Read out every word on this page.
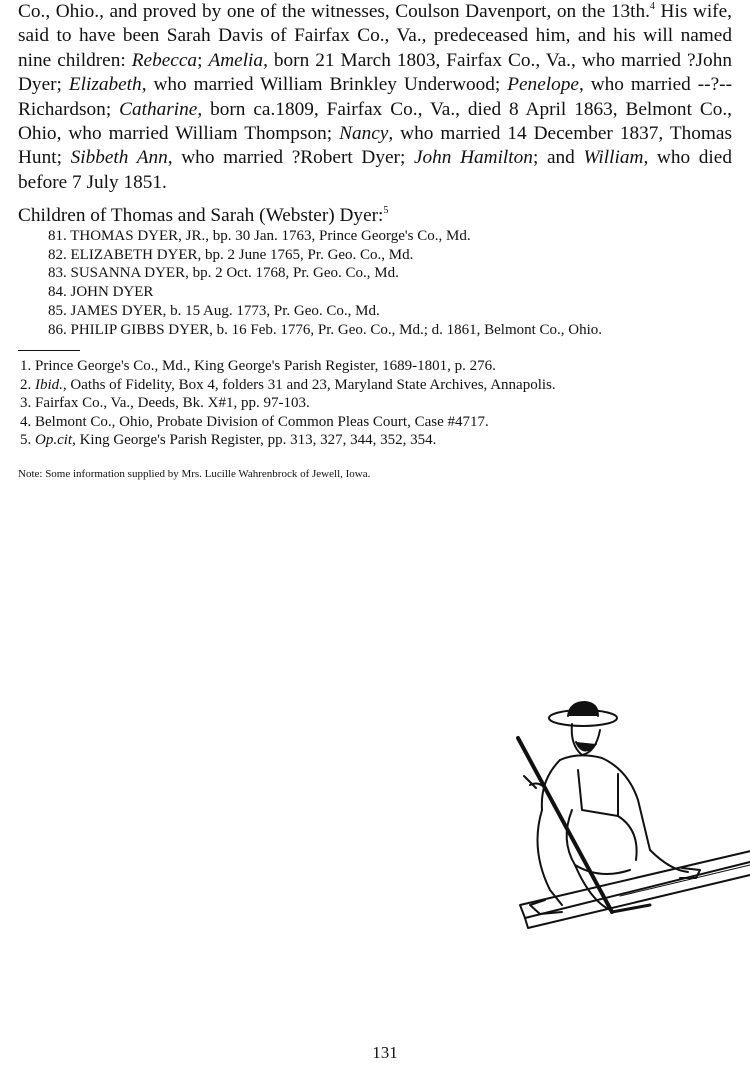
Co., Ohio., and proved by one of the witnesses, Coulson Davenport, on the 13th.$^4$ His wife,
said to have been Sarah Davis of Fairfax Co., Va., predeceased him, and his will named
nine children: Rebecca; Amelia, born 21 March 1803, Fairfax Co., Va., who married ?John
Dyer; Elizabeth, who married William Brinkley Underwood; Penelope, who married --?--
Richardson; Catharine, born ca.1809, Fairfax Co., Va., died 8 April 1863, Belmont Co.,
Ohio, who married William Thompson; Nancy, who married 14 December 1837, Thomas
Hunt; Sibbeth Ann, who married ?Robert Dyer; John Hamilton; and William, who died
before 7 July 1851.
Children of Thomas and Sarah (Webster) Dyer:$^5$
81. THOMAS DYER, JR., bp. 30 Jan. 1763, Prince George's Co., Md.
82. ELIZABETH DYER, bp. 2 June 1765, Pr. Geo. Co., Md.
83. SUSANNA DYER, bp. 2 Oct. 1768, Pr. Geo. Co., Md.
84. JOHN DYER
85. JAMES DYER, b. 15 Aug. 1773, Pr. Geo. Co., Md.
86. PHILIP GIBBS DYER, b. 16 Feb. 1776, Pr. Geo. Co., Md.; d. 1861, Belmont Co., Ohio.
1. Prince George's Co., Md., King George's Parish Register, 1689-1801, p. 276.
2. Ibid., Oaths of Fidelity, Box 4, folders 31 and 23, Maryland State Archives, Annapolis.
3. Fairfax Co., Va., Deeds, Bk. X#1, pp. 97-103.
4. Belmont Co., Ohio, Probate Division of Common Pleas Court, Case #4717.
5. Op.cit, King George's Parish Register, pp. 313, 327, 344, 352, 354.
Note: Some information supplied by Mrs. Lucille Wahrenbrock of Jewell, Iowa.
131
